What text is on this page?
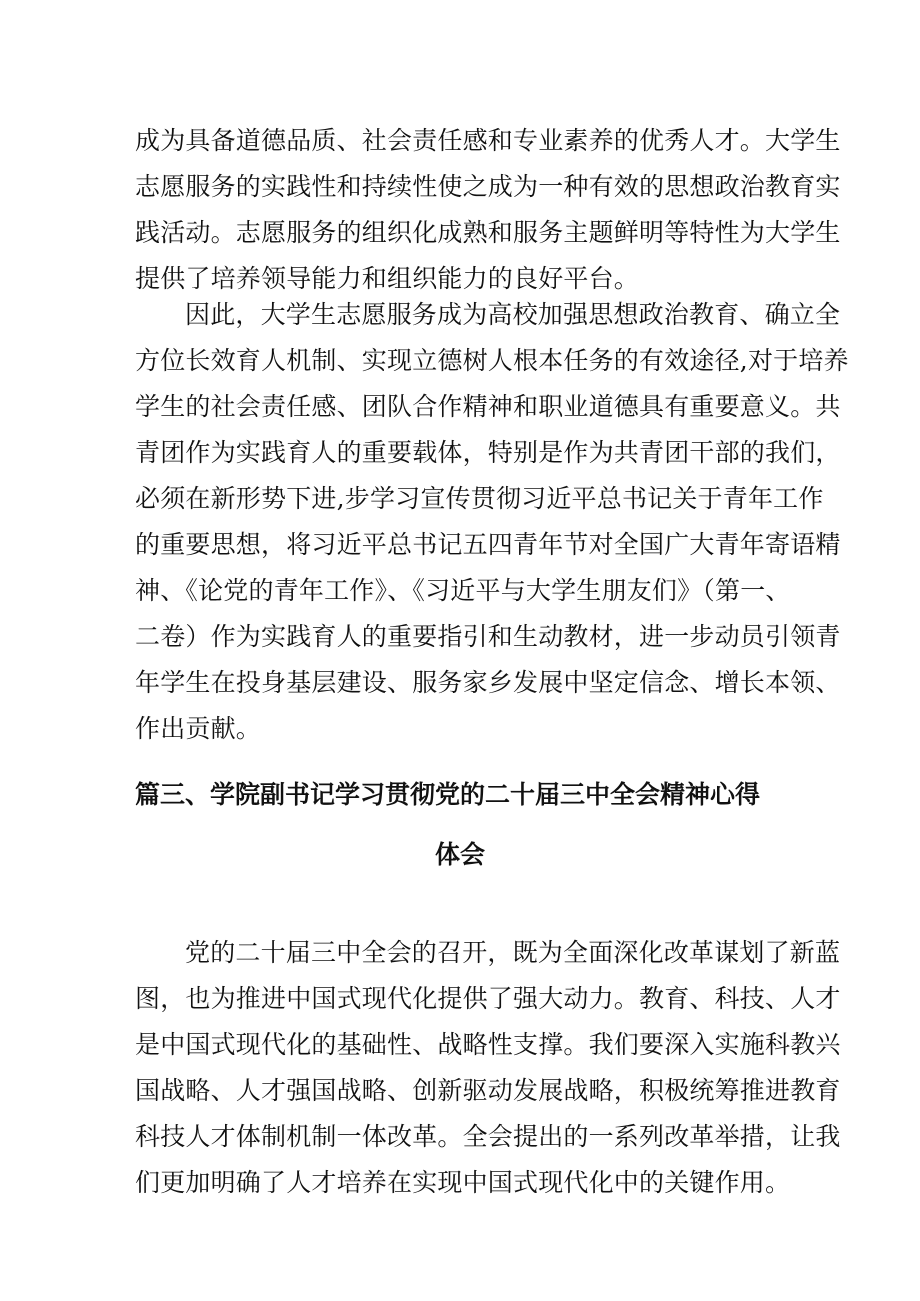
成为具备道德品质、社会责任感和专业素养的优秀人才。大学生
志愿服务的实践性和持续性使之成为一种有效的思想政治教育实
践活动。志愿服务的组织化成熟和服务主题鲜明等特性为大学生
提供了培养领导能力和组织能力的良好平台。
因此，大学生志愿服务成为高校加强思想政治教育、确立全
方位长效育人机制、实现立德树人根本任务的有效途径,对于培养
学生的社会责任感、团队合作精神和职业道德具有重要意义。共
青团作为实践育人的重要载体，特别是作为共青团干部的我们，
必须在新形势下进,步学习宣传贯彻习近平总书记关于青年工作
的重要思想，将习近平总书记五四青年节对全国广大青年寄语精
神、《论党的青年工作》、《习近平与大学生朋友们》（第一、
二卷）作为实践育人的重要指引和生动教材，进一步动员引领青
年学生在投身基层建设、服务家乡发展中坚定信念、增长本领、
作出贡献。
篇三、学院副书记学习贯彻党的二十届三中全会精神心得
体会
党的二十届三中全会的召开，既为全面深化改革谋划了新蓝
图，也为推进中国式现代化提供了强大动力。教育、科技、人才
是中国式现代化的基础性、战略性支撑。我们要深入实施科教兴
国战略、人才强国战略、创新驱动发展战略，积极统筹推进教育
科技人才体制机制一体改革。全会提出的一系列改革举措，让我
们更加明确了人才培养在实现中国式现代化中的关键作用。
